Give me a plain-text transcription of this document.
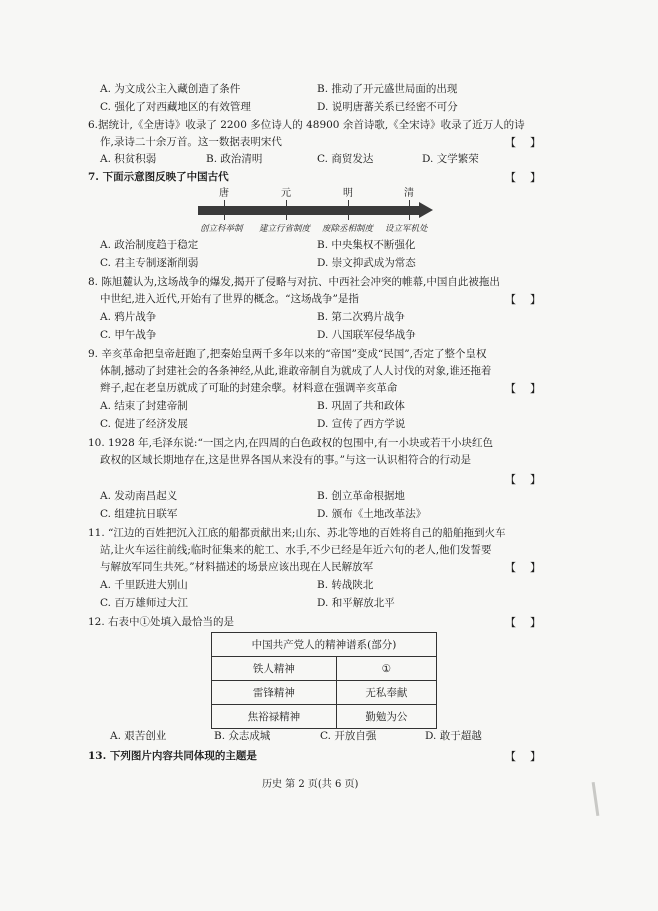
A. 为文成公主入藏创造了条件	B. 推动了开元盛世局面的出现
C. 强化了对西藏地区的有效管理	D. 说明唐蕃关系已经密不可分
6.据统计,《全唐诗》收录了 2200 多位诗人的 48900 余首诗歌,《全宋诗》收录了近万人的诗
作,录诗二十余万首。这一数据表明宋代	【    】
A. 积贫积弱	B. 政治清明	C. 商贸发达	D. 文学繁荣
7. 下面示意图反映了中国古代	【    】
唐	元	明	清
创立科举制 建立行省制度 废除丞相制度 设立军机处
A. 政治制度趋于稳定	B. 中央集权不断强化
C. 君主专制逐渐削弱	D. 崇文抑武成为常态
8. 陈旭麓认为,这场战争的爆发,揭开了侵略与对抗、中西社会冲突的帷幕,中国自此被拖出
中世纪,进入近代,开始有了世界的概念。“这场战争”是指	【    】
A. 鸦片战争	B. 第二次鸦片战争
C. 甲午战争	D. 八国联军侵华战争
9. 辛亥革命把皇帝赶跑了,把秦始皇两千多年以来的“帝国”变成“民国”,否定了整个皇权
体制,撼动了封建社会的各条神经,从此,谁敢帝制自为就成了人人讨伐的对象,谁还拖着
辫子,起在老皇历就成了可耻的封建余孽。材料意在强调辛亥革命	【    】
A. 结束了封建帝制	B. 巩固了共和政体
C. 促进了经济发展	D. 宣传了西方学说
10. 1928 年,毛泽东说:“一国之内,在四周的白色政权的包围中,有一小块或若干小块红色
政权的区域长期地存在,这是世界各国从来没有的事。”与这一认识相符合的行动是
【    】
A. 发动南昌起义	B. 创立革命根据地
C. 组建抗日联军	D. 颁布《土地改革法》
11. “江边的百姓把沉入江底的船都贡献出来;山东、苏北等地的百姓将自己的船舶拖到火车
站,让火车运往前线;临时征集来的舵工、水手,不少已经是年近六旬的老人,他们发誓要
与解放军同生共死。”材料描述的场景应该出现在人民解放军	【    】
A. 千里跃进大别山	B. 转战陕北
C. 百万雄师过大江	D. 和平解放北平
12. 右表中①处填入最恰当的是	【    】
中国共产党人的精神谱系(部分)	
铁人精神	①
雷锋精神	无私奉献
焦裕禄精神	勤勉为公
A. 艰苦创业	B. 众志成城	C. 开放自强	D. 敢于超越
13. 下列图片内容共同体现的主题是	【    】
历史 第 2 页(共 6 页)
